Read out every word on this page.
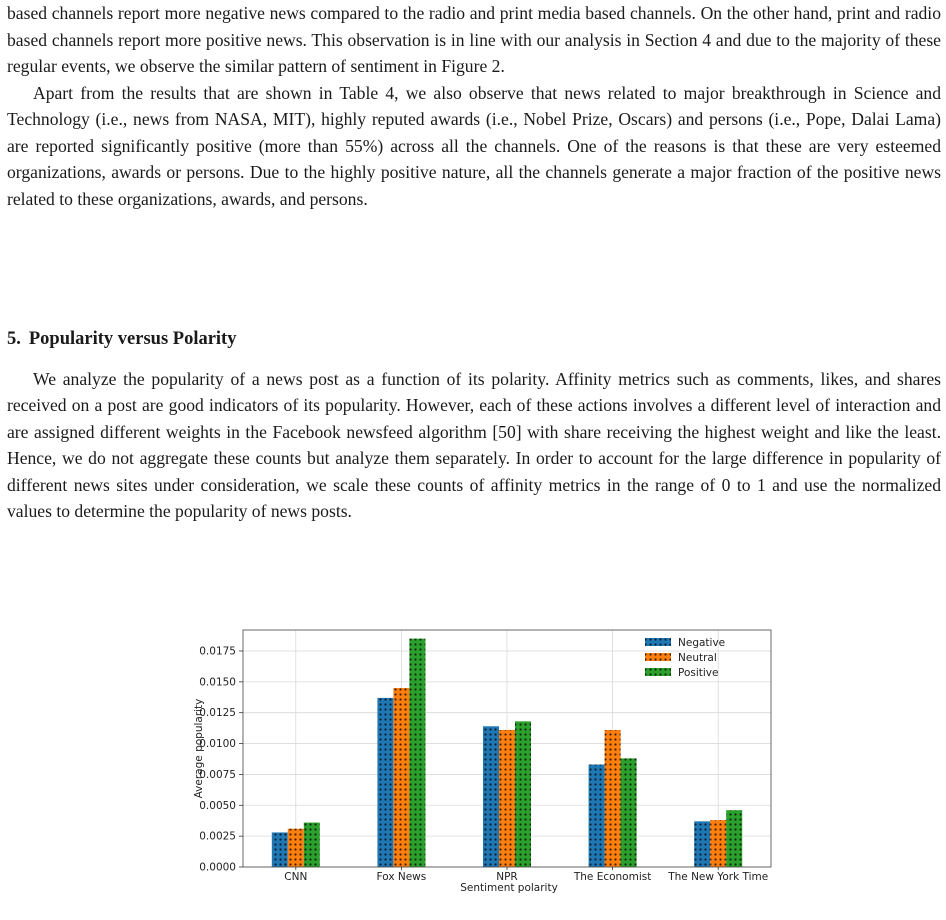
based channels report more negative news compared to the radio and print media based channels. On the other hand, print and radio based channels report more positive news. This observation is in line with our analysis in Section 4 and due to the majority of these regular events, we observe the similar pattern of sentiment in Figure 2.

Apart from the results that are shown in Table 4, we also observe that news related to major breakthrough in Science and Technology (i.e., news from NASA, MIT), highly reputed awards (i.e., Nobel Prize, Oscars) and persons (i.e., Pope, Dalai Lama) are reported significantly positive (more than 55%) across all the channels. One of the reasons is that these are very esteemed organizations, awards or persons. Due to the highly positive nature, all the channels generate a major fraction of the positive news related to these organizations, awards, and persons.

5. Popularity versus Polarity

We analyze the popularity of a news post as a function of its polarity. Affinity metrics such as comments, likes, and shares received on a post are good indicators of its popularity. However, each of these actions involves a different level of interaction and are assigned different weights in the Facebook newsfeed algorithm [50] with share receiving the highest weight and like the least. Hence, we do not aggregate these counts but analyze them separately. In order to account for the large difference in popularity of different news sites under consideration, we scale these counts of affinity metrics in the range of 0 to 1 and use the normalized values to determine the popularity of news posts.

0.0000
0.0025
0.0050
0.0075
0.0100
0.0125
0.0150
0.0175
CNN	Fox News	NPR	The Economist The New York Time
Sentiment polarity
Average popularity
Negative
Neutral
Positive
